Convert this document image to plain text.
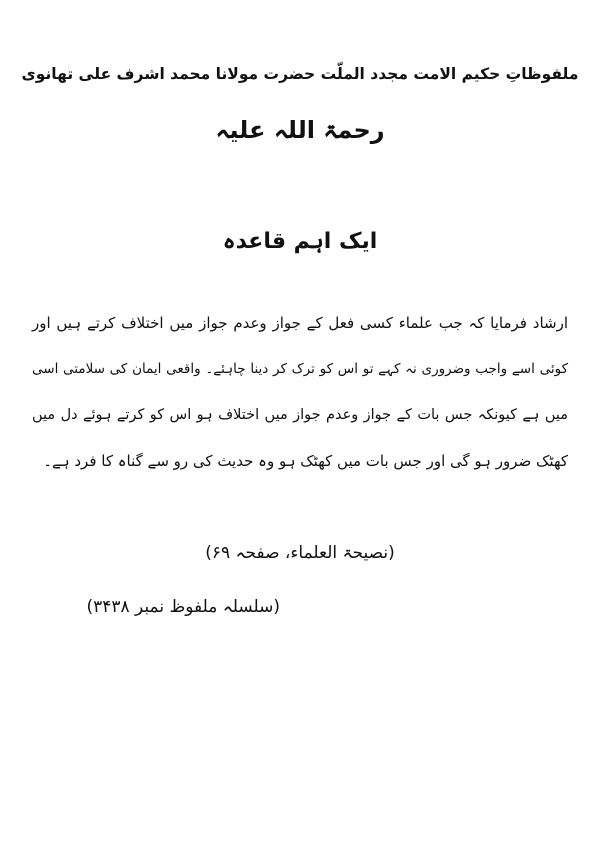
ملفوظاتِ حکیم الامت مجدد الملّت حضرت مولانا محمد اشرف علی تھانوی
رحمۃ اللہ علیہ
ایک اہم قاعدہ
ارشاد فرمایا کہ جب علماء کسی فعل کے جواز وعدم جواز میں اختلاف کرتے ہیں اور
کوئی اسے واجب وضروری نہ کہے تو اس کو ترک کر دینا چاہئے۔ واقعی ایمان کی سلامتی اسی
میں ہے کیونکہ جس بات کے جواز وعدم جواز میں اختلاف ہو اس کو کرتے ہوئے دل میں
کھٹک ضرور ہو گی اور جس بات میں کھٹک ہو وہ حدیث کی رو سے گناہ کا فرد ہے۔
(نصیحۃ العلماء، صفحہ ۶۹)
(سلسلہ ملفوظ نمبر ۳۴۳۸)
